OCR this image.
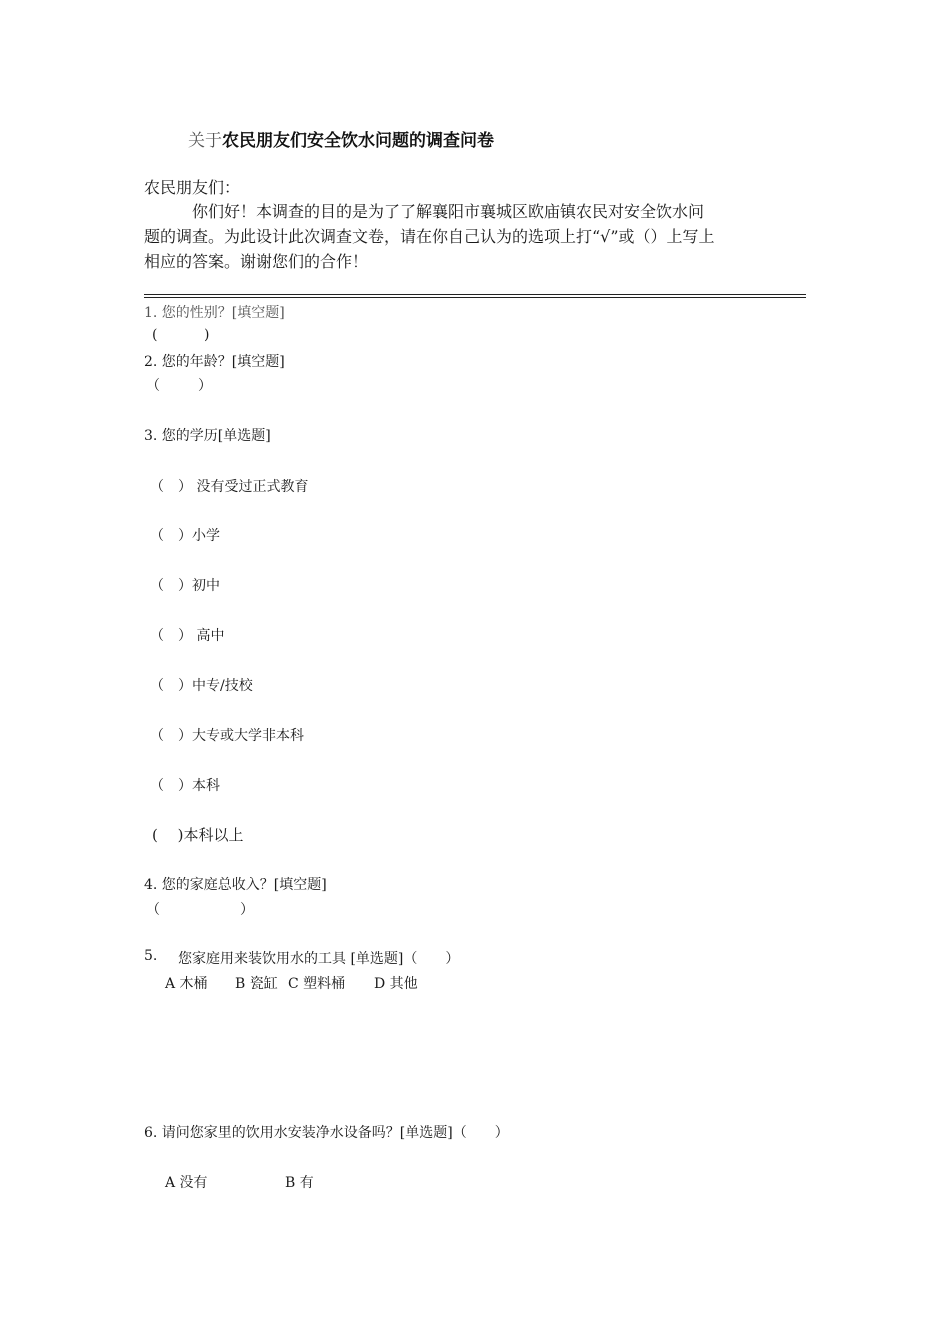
关于农民朋友们安全饮水问题的调查问卷
农民朋友们：
你们好！本调查的目的是为了了解襄阳市襄城区欧庙镇农民对安全饮水问
题的调查。为此设计此次调查文卷，请在你自己认为的选项上打“√”或（）上写上
相应的答案。谢谢您们的合作！
1. 您的性别？[填空题]
(	)
2. 您的年龄？[填空题]
（	）
3. 您的学历[单选题]
（　） 没有受过正式教育
（　）小学
（　）初中
（　） 高中
（　）中专/技校
（　）大专或大学非本科
（　）本科
(　 )本科以上
4. 您的家庭总收入？[填空题]
（	）
5. 您家庭用来装饮用水的工具 [单选题]（　　）
A 木桶 B 瓷缸 C 塑料桶 D 其他
6. 请问您家里的饮用水安装净水设备吗？[单选题]（　　）
A 没有	B 有
